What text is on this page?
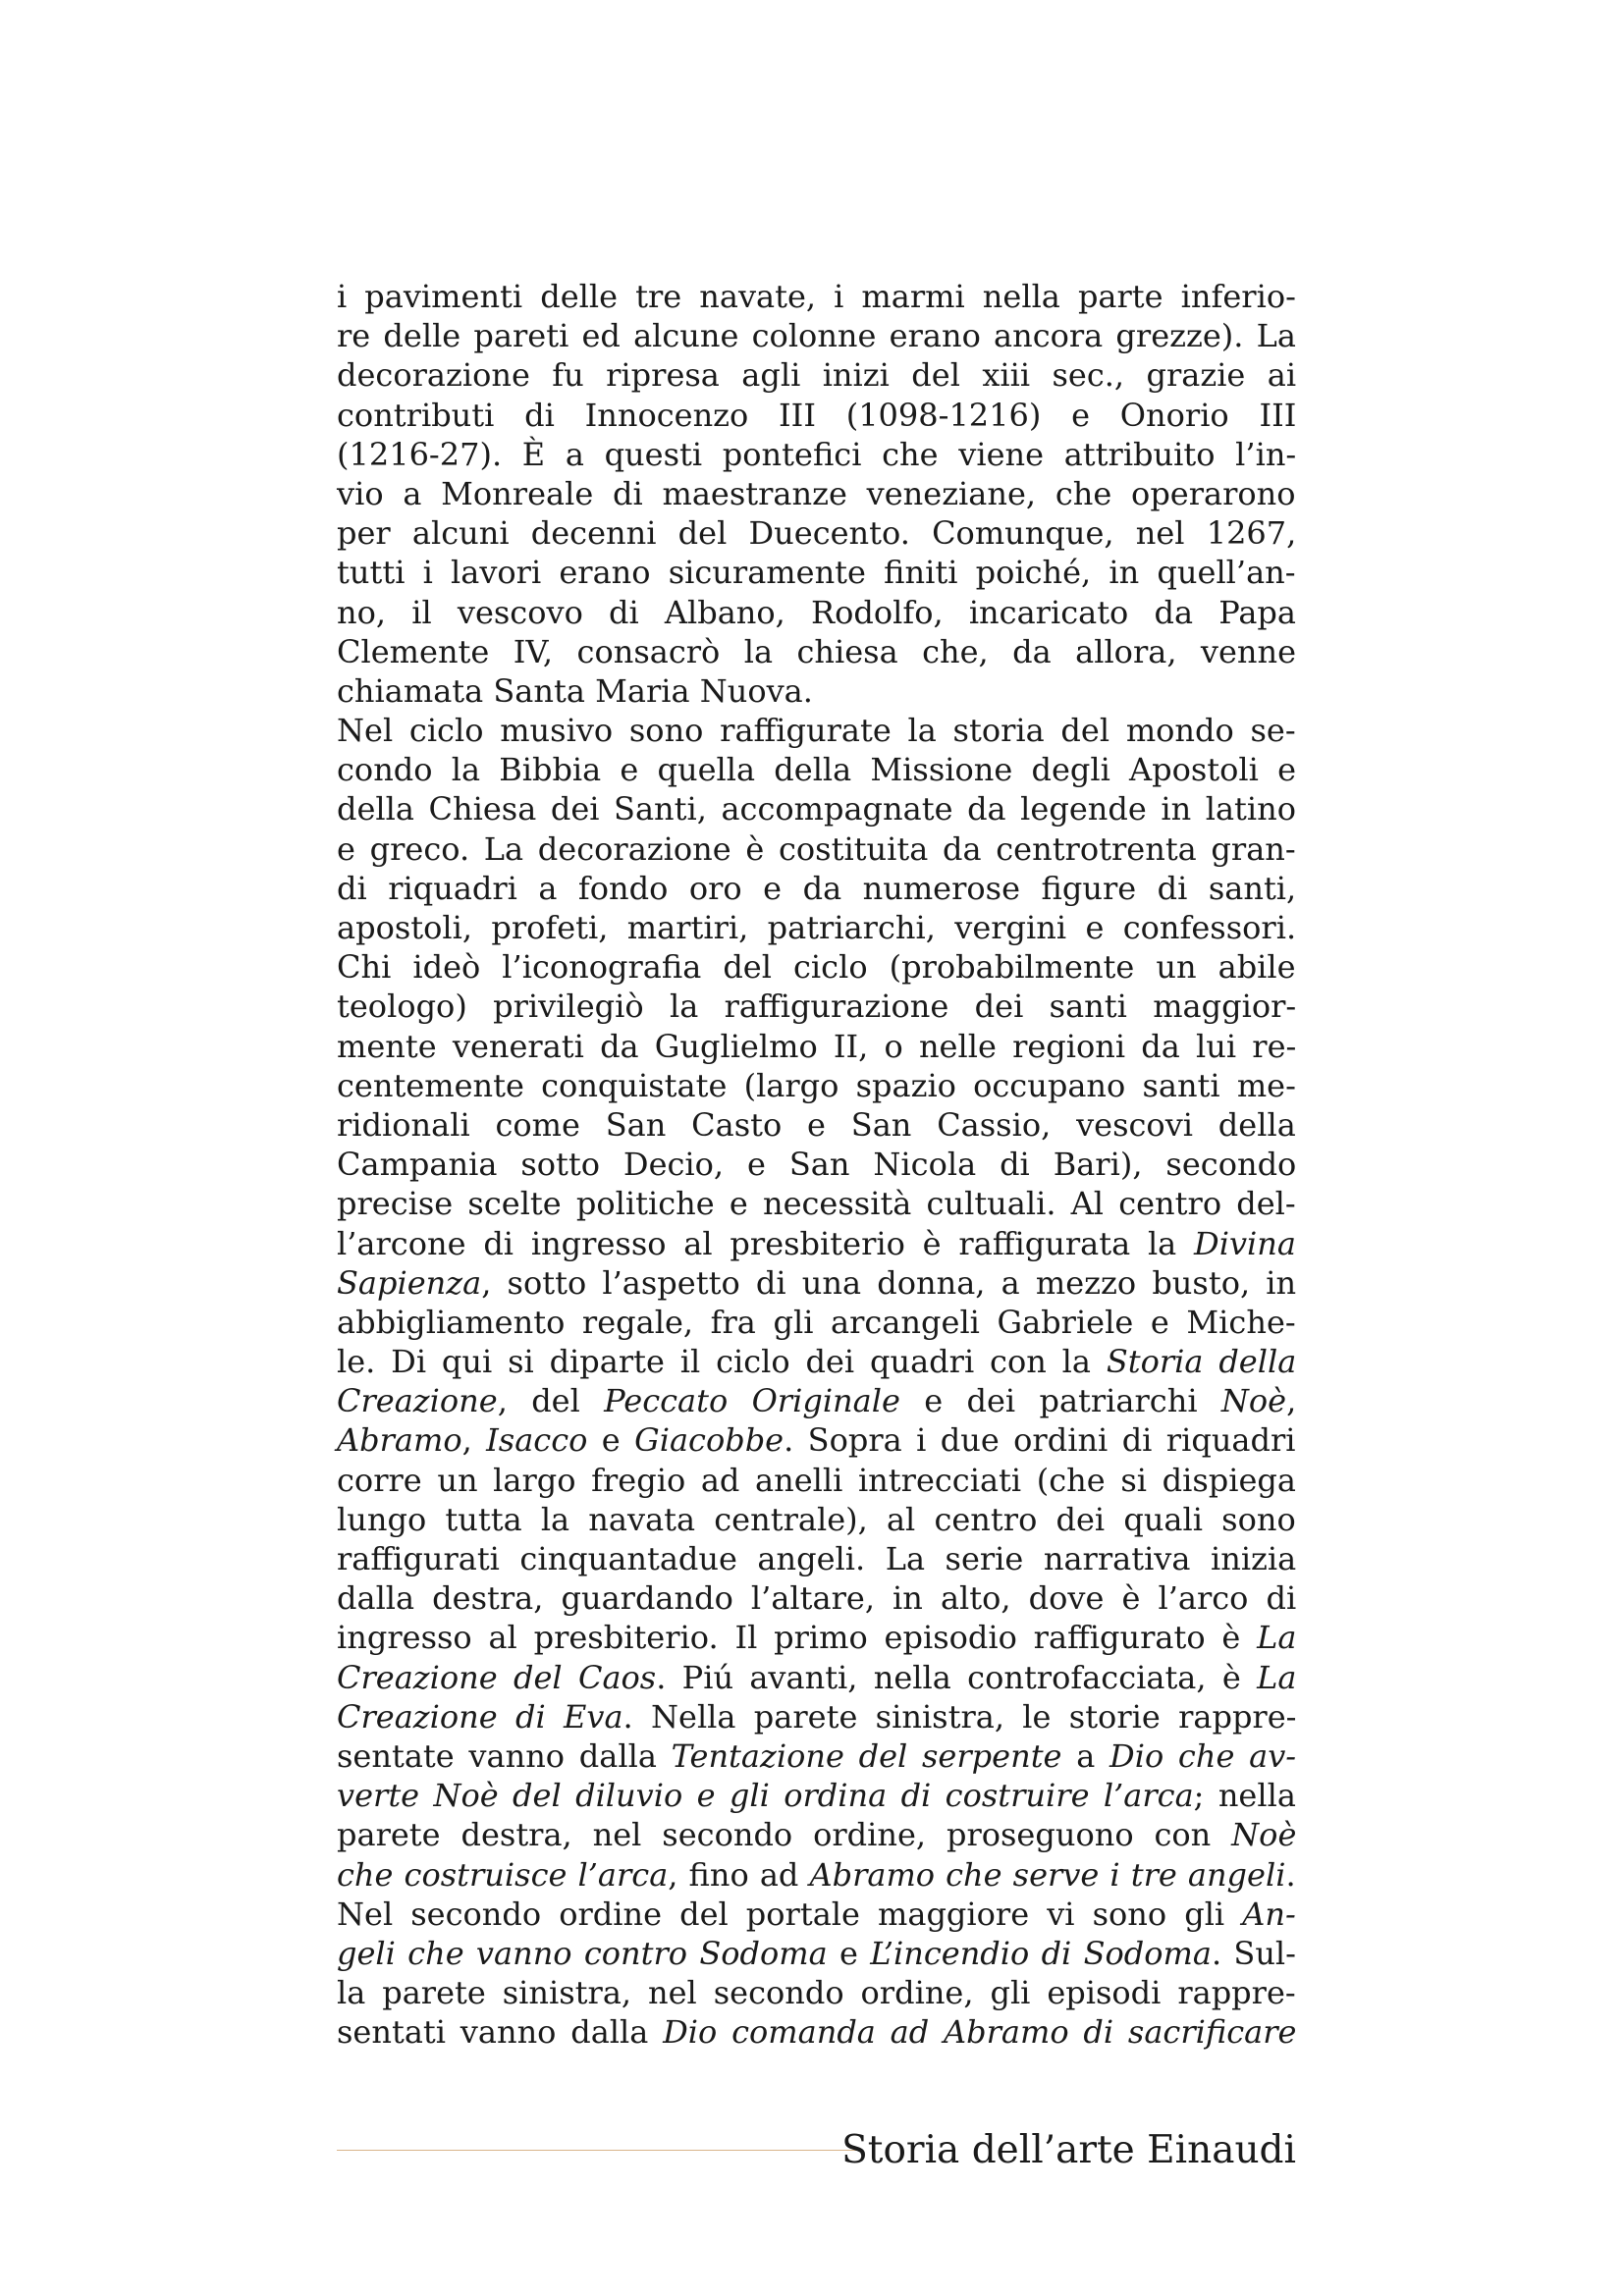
i pavimenti delle tre navate, i marmi nella parte inferio-
re delle pareti ed alcune colonne erano ancora grezze). La
decorazione fu ripresa agli inizi del xiii sec., grazie ai
contributi di Innocenzo III (1098-1216) e Onorio III
(1216-27). È a questi pontefici che viene attribuito l’in-
vio a Monreale di maestranze veneziane, che operarono
per alcuni decenni del Duecento. Comunque, nel 1267,
tutti i lavori erano sicuramente finiti poiché, in quell’an-
no, il vescovo di Albano, Rodolfo, incaricato da Papa
Clemente IV, consacrò la chiesa che, da allora, venne
chiamata Santa Maria Nuova.
Nel ciclo musivo sono raffigurate la storia del mondo se-
condo la Bibbia e quella della Missione degli Apostoli e
della Chiesa dei Santi, accompagnate da legende in latino
e greco. La decorazione è costituita da centrotrenta gran-
di riquadri a fondo oro e da numerose figure di santi,
apostoli, profeti, martiri, patriarchi, vergini e confessori.
Chi ideò l’iconografia del ciclo (probabilmente un abile
teologo) privilegiò la raffigurazione dei santi maggior-
mente venerati da Guglielmo II, o nelle regioni da lui re-
centemente conquistate (largo spazio occupano santi me-
ridionali come San Casto e San Cassio, vescovi della
Campania sotto Decio, e San Nicola di Bari), secondo
precise scelte politiche e necessità cultuali. Al centro del-
l’arcone di ingresso al presbiterio è raffigurata la Divina
Sapienza, sotto l’aspetto di una donna, a mezzo busto, in
abbigliamento regale, fra gli arcangeli Gabriele e Miche-
le. Di qui si diparte il ciclo dei quadri con la Storia della
Creazione, del Peccato Originale e dei patriarchi Noè,
Abramo, Isacco e Giacobbe. Sopra i due ordini di riquadri
corre un largo fregio ad anelli intrecciati (che si dispiega
lungo tutta la navata centrale), al centro dei quali sono
raffigurati cinquantadue angeli. La serie narrativa inizia
dalla destra, guardando l’altare, in alto, dove è l’arco di
ingresso al presbiterio. Il primo episodio raffigurato è La
Creazione del Caos. Piú avanti, nella controfacciata, è La
Creazione di Eva. Nella parete sinistra, le storie rappre-
sentate vanno dalla Tentazione del serpente a Dio che av-
verte Noè del diluvio e gli ordina di costruire l’arca; nella
parete destra, nel secondo ordine, proseguono con Noè
che costruisce l’arca, fino ad Abramo che serve i tre angeli.
Nel secondo ordine del portale maggiore vi sono gli An-
geli che vanno contro Sodoma e L’incendio di Sodoma. Sul-
la parete sinistra, nel secondo ordine, gli episodi rappre-
sentati vanno dalla Dio comanda ad Abramo di sacrificare
Storia dell’arte Einaudi
